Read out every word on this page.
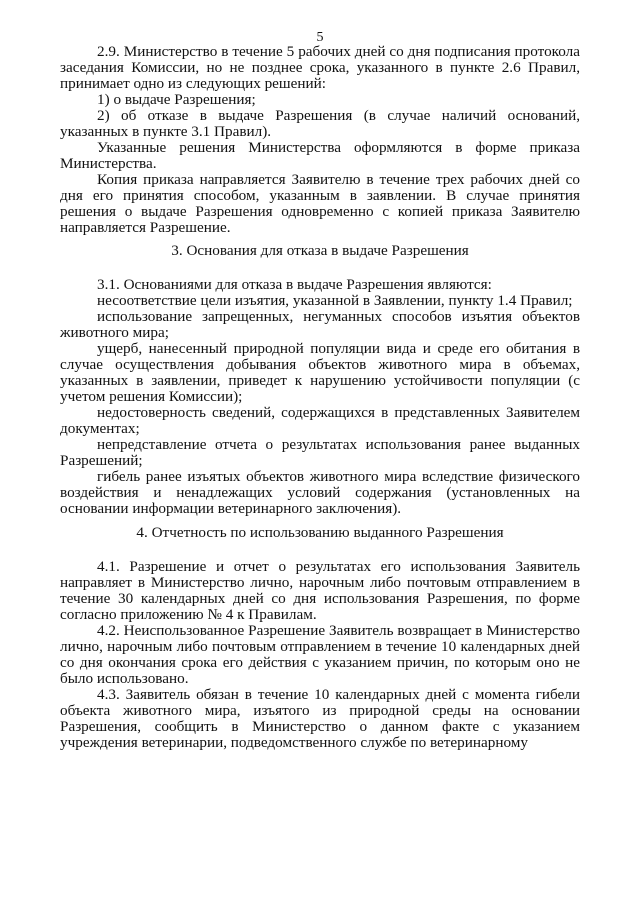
5

2.9. Министерство в течение 5 рабочих дней со дня подписания протокола заседания Комиссии, но не позднее срока, указанного в пункте 2.6 Правил, принимает одно из следующих решений:

1) о выдаче Разрешения;

2) об отказе в выдаче Разрешения (в случае наличий оснований, указанных в пункте 3.1 Правил).

Указанные решения Министерства оформляются в форме приказа Министерства.

Копия приказа направляется Заявителю в течение трех рабочих дней со дня его принятия способом, указанным в заявлении. В случае принятия решения о выдаче Разрешения одновременно с копией приказа Заявителю направляется Разрешение.

3. Основания для отказа в выдаче Разрешения

3.1. Основаниями для отказа в выдаче Разрешения являются:

несоответствие цели изъятия, указанной в Заявлении, пункту 1.4 Правил;

использование запрещенных, негуманных способов изъятия объектов животного мира;

ущерб, нанесенный природной популяции вида и среде его обитания в случае осуществления добывания объектов животного мира в объемах, указанных в заявлении, приведет к нарушению устойчивости популяции (с учетом решения Комиссии);

недостоверность сведений, содержащихся в представленных Заявителем документах;

непредставление отчета о результатах использования ранее выданных Разрешений;

гибель ранее изъятых объектов животного мира вследствие физического воздействия и ненадлежащих условий содержания (установленных на основании информации ветеринарного заключения).

4. Отчетность по использованию выданного Разрешения

4.1. Разрешение и отчет о результатах его использования Заявитель направляет в Министерство лично, нарочным либо почтовым отправлением в течение 30 календарных дней со дня использования Разрешения, по форме согласно приложению № 4 к Правилам.

4.2. Неиспользованное Разрешение Заявитель возвращает в Министерство лично, нарочным либо почтовым отправлением в течение 10 календарных дней со дня окончания срока его действия с указанием причин, по которым оно не было использовано.

4.3. Заявитель обязан в течение 10 календарных дней с момента гибели объекта животного мира, изъятого из природной среды на основании Разрешения, сообщить в Министерство о данном факте с указанием учреждения ветеринарии, подведомственного службе по ветеринарному
